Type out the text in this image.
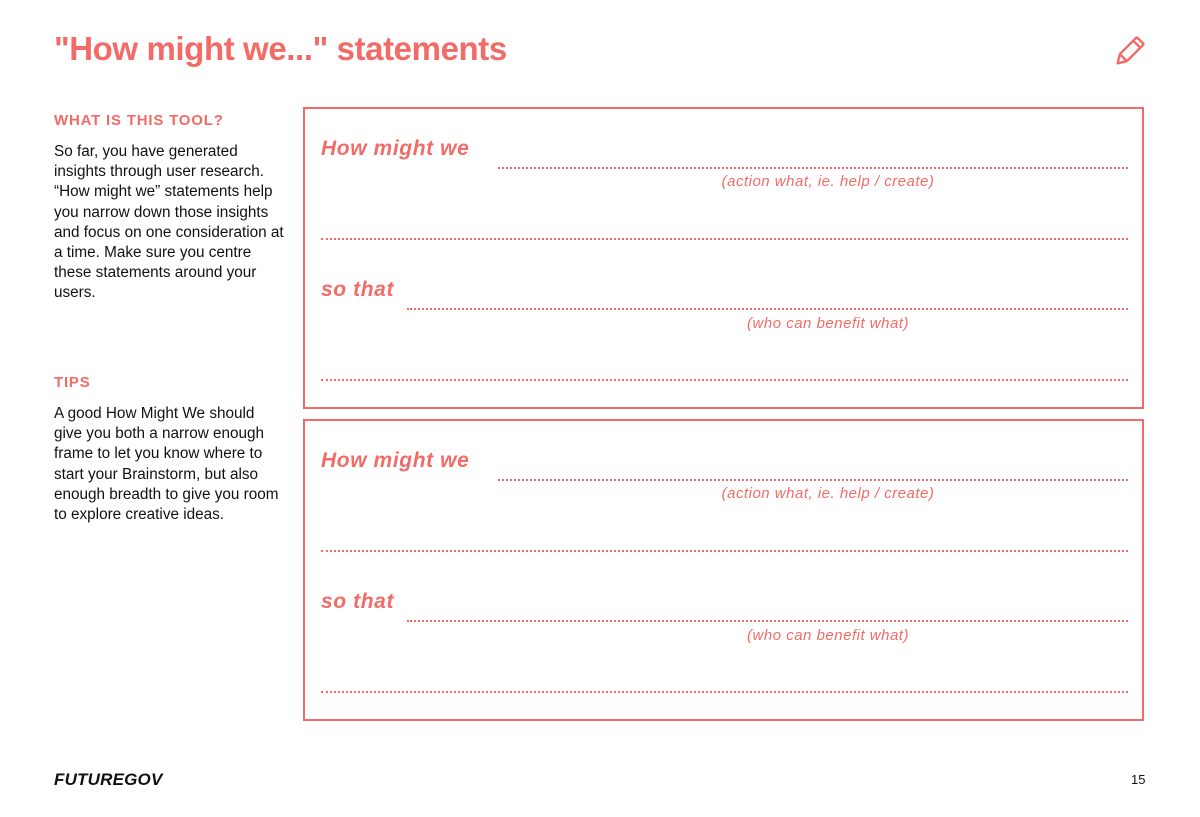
"How might we..." statements
WHAT IS THIS TOOL?

So far, you have generated insights through user research. “How might we” statements help you narrow down those insights and focus on one consideration at a time. Make sure you centre these statements around your users.

TIPS

A good How Might We should give you both a narrow enough frame to let you know where to start your Brainstorm, but also enough breadth to give you room to explore creative ideas.

How might we

(action what, ie. help / create)

so that

(who can benefit what)

How might we

(action what, ie. help / create)

so that

(who can benefit what)

FUTUREGOV	15
